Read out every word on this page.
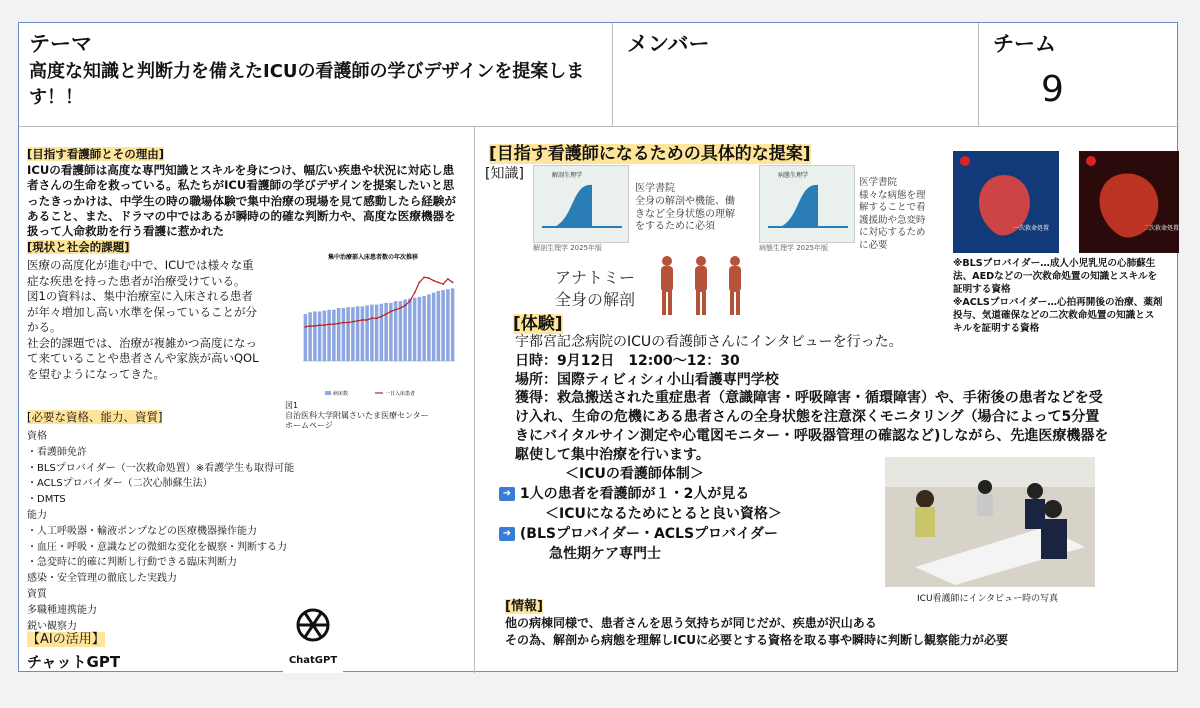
テーマ
高度な知識と判断力を備えたICUの看護師の学びデザインを提案します！！
メンバー	チーム
9
[目指す看護師とその理由]
ICUの看護師は高度な専門知識とスキルを身につけ、幅広い疾患や状況に対応し患者さんの生命を救っている。私たちがICU看護師の学びデザインを提案したいと思ったきっかけは、中学生の時の職場体験で集中治療の現場を見て感動したら経験があること、また、ドラマの中ではあるが瞬時の的確な判断力や、高度な医療機器を扱って人命救助を行う看護に惹かれた
[現状と社会的課題]
医療の高度化が進む中で、ICUでは様々な重
症な疾患を持った患者が治療受けている。
図1の資料は、集中治療室に入床される患者
が年々増加し高い水準を保っていることが分
かる。
社会的課題では、治療が複雑かつ高度になっ
て来ていることや患者さんや家族が高いQOL
を望むようになってきた。
集中治療部入床患者数の年次推移
病床数	一日入床患者
図1
自治医科大学附属さいたま医療センター
ホームページ
[必要な資格、能力、資質]
資格
・看護師免許
・BLSプロバイダー（一次救命処置）※看護学生も取得可能
・ACLSプロバイダー（二次心肺蘇生法）
・DMTS
能力
・人工呼吸器・輸液ポンプなどの医療機器操作能力
・血圧・呼吸・意識などの微細な変化を観察・判断する力
・急変時に的確に判断し行動できる臨床判断力
感染・安全管理の徹底した実践力
資質
多職種連携能力
鋭い観察力
【AIの活用】
チャットGPT	ChatGPT
[目指す看護師になるための具体的な提案]
[知識]	解剖生理学
解剖生理学 2025年版
医学書院
全身の解剖や機能、働
きなど全身状態の理解
をするために必須
病態生理学
病態生理学 2025年版
医学書院
様々な病態を理
解することで看
護援助や急変時
に対応するため
に必要
アナトミー
全身の解剖
一次救命処置	二次救命処置
※BLSプロバイダー…成人小児乳児の心肺蘇生
法、AEDなどの一次救命処置の知識とスキルを
証明する資格
※ACLSプロバイダー…心拍再開後の治療、薬剤
投与、気道確保などの二次救命処置の知識とス
キルを証明する資格
[体験]
宇都宮記念病院のICUの看護師さんにインタビューを行った。
日時：9月12日　12:00〜12：30
場所：国際ティビィシィ小山看護専門学校
獲得：救急搬送された重症患者（意識障害・呼吸障害・循環障害）や、手術後の患者などを受
け入れ、生命の危機にある患者さんの全身状態を注意深くモニタリング（場合によって5分置
きにバイタルサイン測定や心電図モニター・呼吸器管理の確認など)しながら、先進医療機器を
駆使して集中治療を行います。
＜ICUの看護師体制＞
➜ 1人の患者を看護師が１・2人が見る
＜ICUになるためにとると良い資格＞
➜ (BLSプロバイダー・ACLSプロバイダー
急性期ケア専門士
ICU看護師にインタビュー時の写真
[情報]
他の病棟同様で、患者さんを思う気持ちが同じだが、疾患が沢山ある
その為、解剖から病態を理解しICUに必要とする資格を取る事や瞬時に判断し観察能力が必要
